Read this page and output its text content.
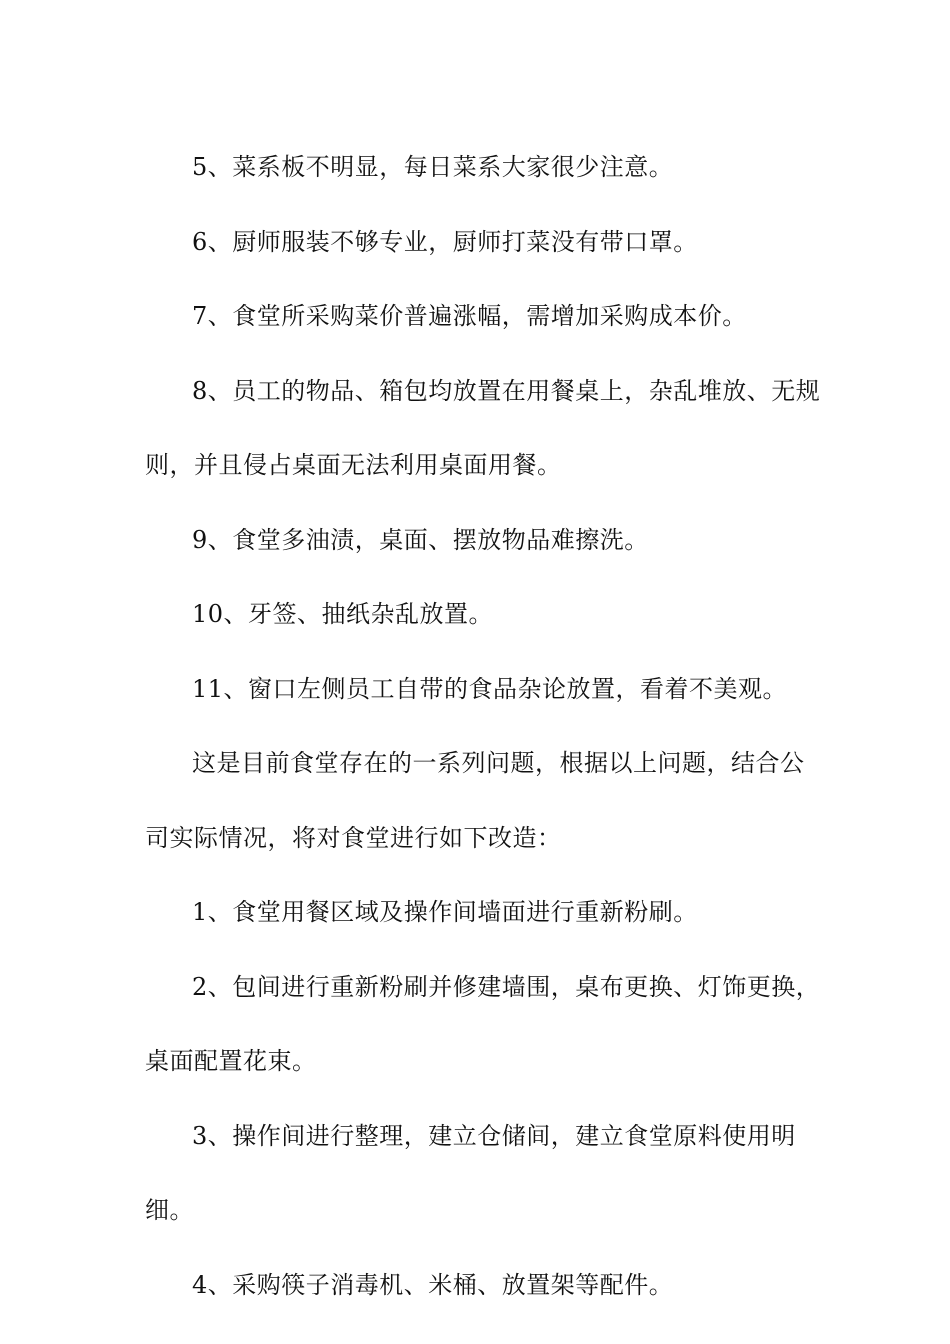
5、菜系板不明显，每日菜系大家很少注意。

6、厨师服装不够专业，厨师打菜没有带口罩。

7、食堂所采购菜价普遍涨幅，需增加采购成本价。

8、员工的物品、箱包均放置在用餐桌上，杂乱堆放、无规

则，并且侵占桌面无法利用桌面用餐。

9、食堂多油渍，桌面、摆放物品难擦洗。

10、牙签、抽纸杂乱放置。

11、窗口左侧员工自带的食品杂论放置，看着不美观。

这是目前食堂存在的一系列问题，根据以上问题，结合公

司实际情况，将对食堂进行如下改造：

1、食堂用餐区域及操作间墙面进行重新粉刷。

2、包间进行重新粉刷并修建墙围，桌布更换、灯饰更换，

桌面配置花束。

3、操作间进行整理，建立仓储间，建立食堂原料使用明细。

4、采购筷子消毒机、米桶、放置架等配件。
